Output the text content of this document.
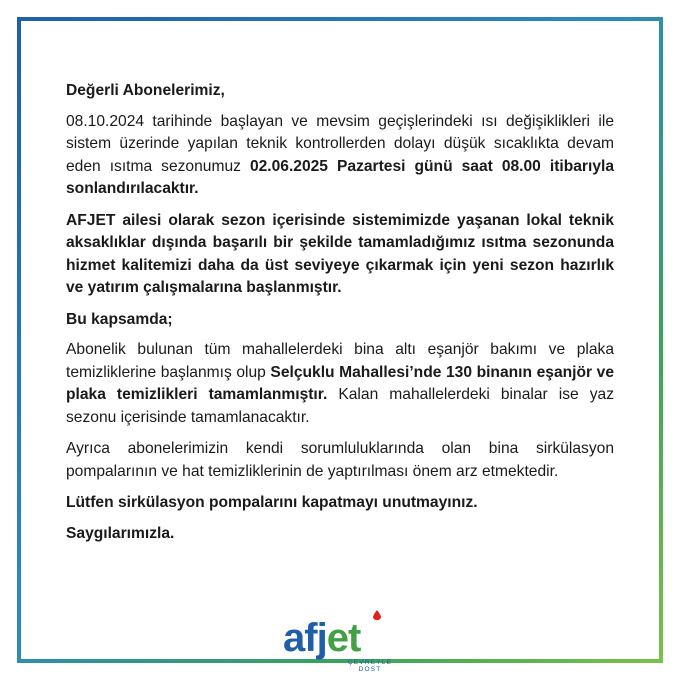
Değerli Abonelerimiz,

08.10.2024 tarihinde başlayan ve mevsim geçişlerindeki ısı değişiklikleri ile sistem üzerinde yapılan teknik kontrollerden dolayı düşük sıcaklıkta devam eden ısıtma sezonumuz 02.06.2025 Pazartesi günü saat 08.00 itibarıyla sonlandırılacaktır.

AFJET ailesi olarak sezon içerisinde sistemimizde yaşanan lokal teknik aksaklıklar dışında başarılı bir şekilde tamamladığımız ısıtma sezonunda hizmet kalitemizi daha da üst seviyeye çıkarmak için yeni sezon hazırlık ve yatırım çalışmalarına başlanmıştır.

Bu kapsamda;

Abonelik bulunan tüm mahallelerdeki bina altı eşanjör bakımı ve plaka temizliklerine başlanmış olup Selçuklu Mahallesi’nde 130 binanın eşanjör ve plaka temizlikleri tamamlanmıştır. Kalan mahallelerdeki binalar ise yaz sezonu içerisinde tamamlanacaktır.

Ayrıca abonelerimizin kendi sorumluluklarında olan bina sirkülasyon pompalarının ve hat temizliklerinin de yaptırılması önem arz etmektedir.

Lütfen sirkülasyon pompalarını kapatmayı unutmayınız.

Saygılarımızla.

afjet
ÇEVREYLE
DOST
